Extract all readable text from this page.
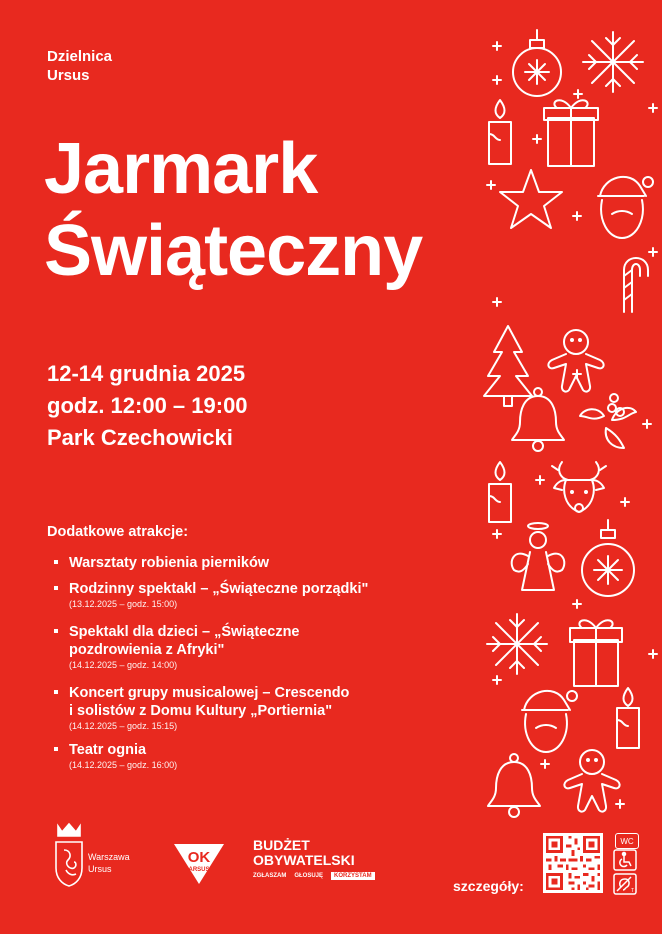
Dzielnica
Ursus
Jarmark
Świąteczny
12-14 grudnia 2025
godz. 12:00 – 19:00
Park Czechowicki
Dodatkowe atrakcje:
Warsztaty robienia pierników
Rodzinny spektakl – „Świąteczne porządki"
(13.12.2025 – godz. 15:00)
Spektakl dla dzieci – „Świąteczne
pozdrowienia z Afryki"
(14.12.2025 – godz. 14:00)
Koncert grupy musicalowej – Crescendo
i solistów z Domu Kultury „Portiernia"
(14.12.2025 – godz. 15:15)
Teatr ognia
(14.12.2025 – godz. 16:00)
Warszawa
Ursus
OK
ARSUS
BUDŻET
OBYWATELSKI
ZGŁASZAM GŁOSUJĘ	KORZYSTAM
szczegóły:
WC
T
